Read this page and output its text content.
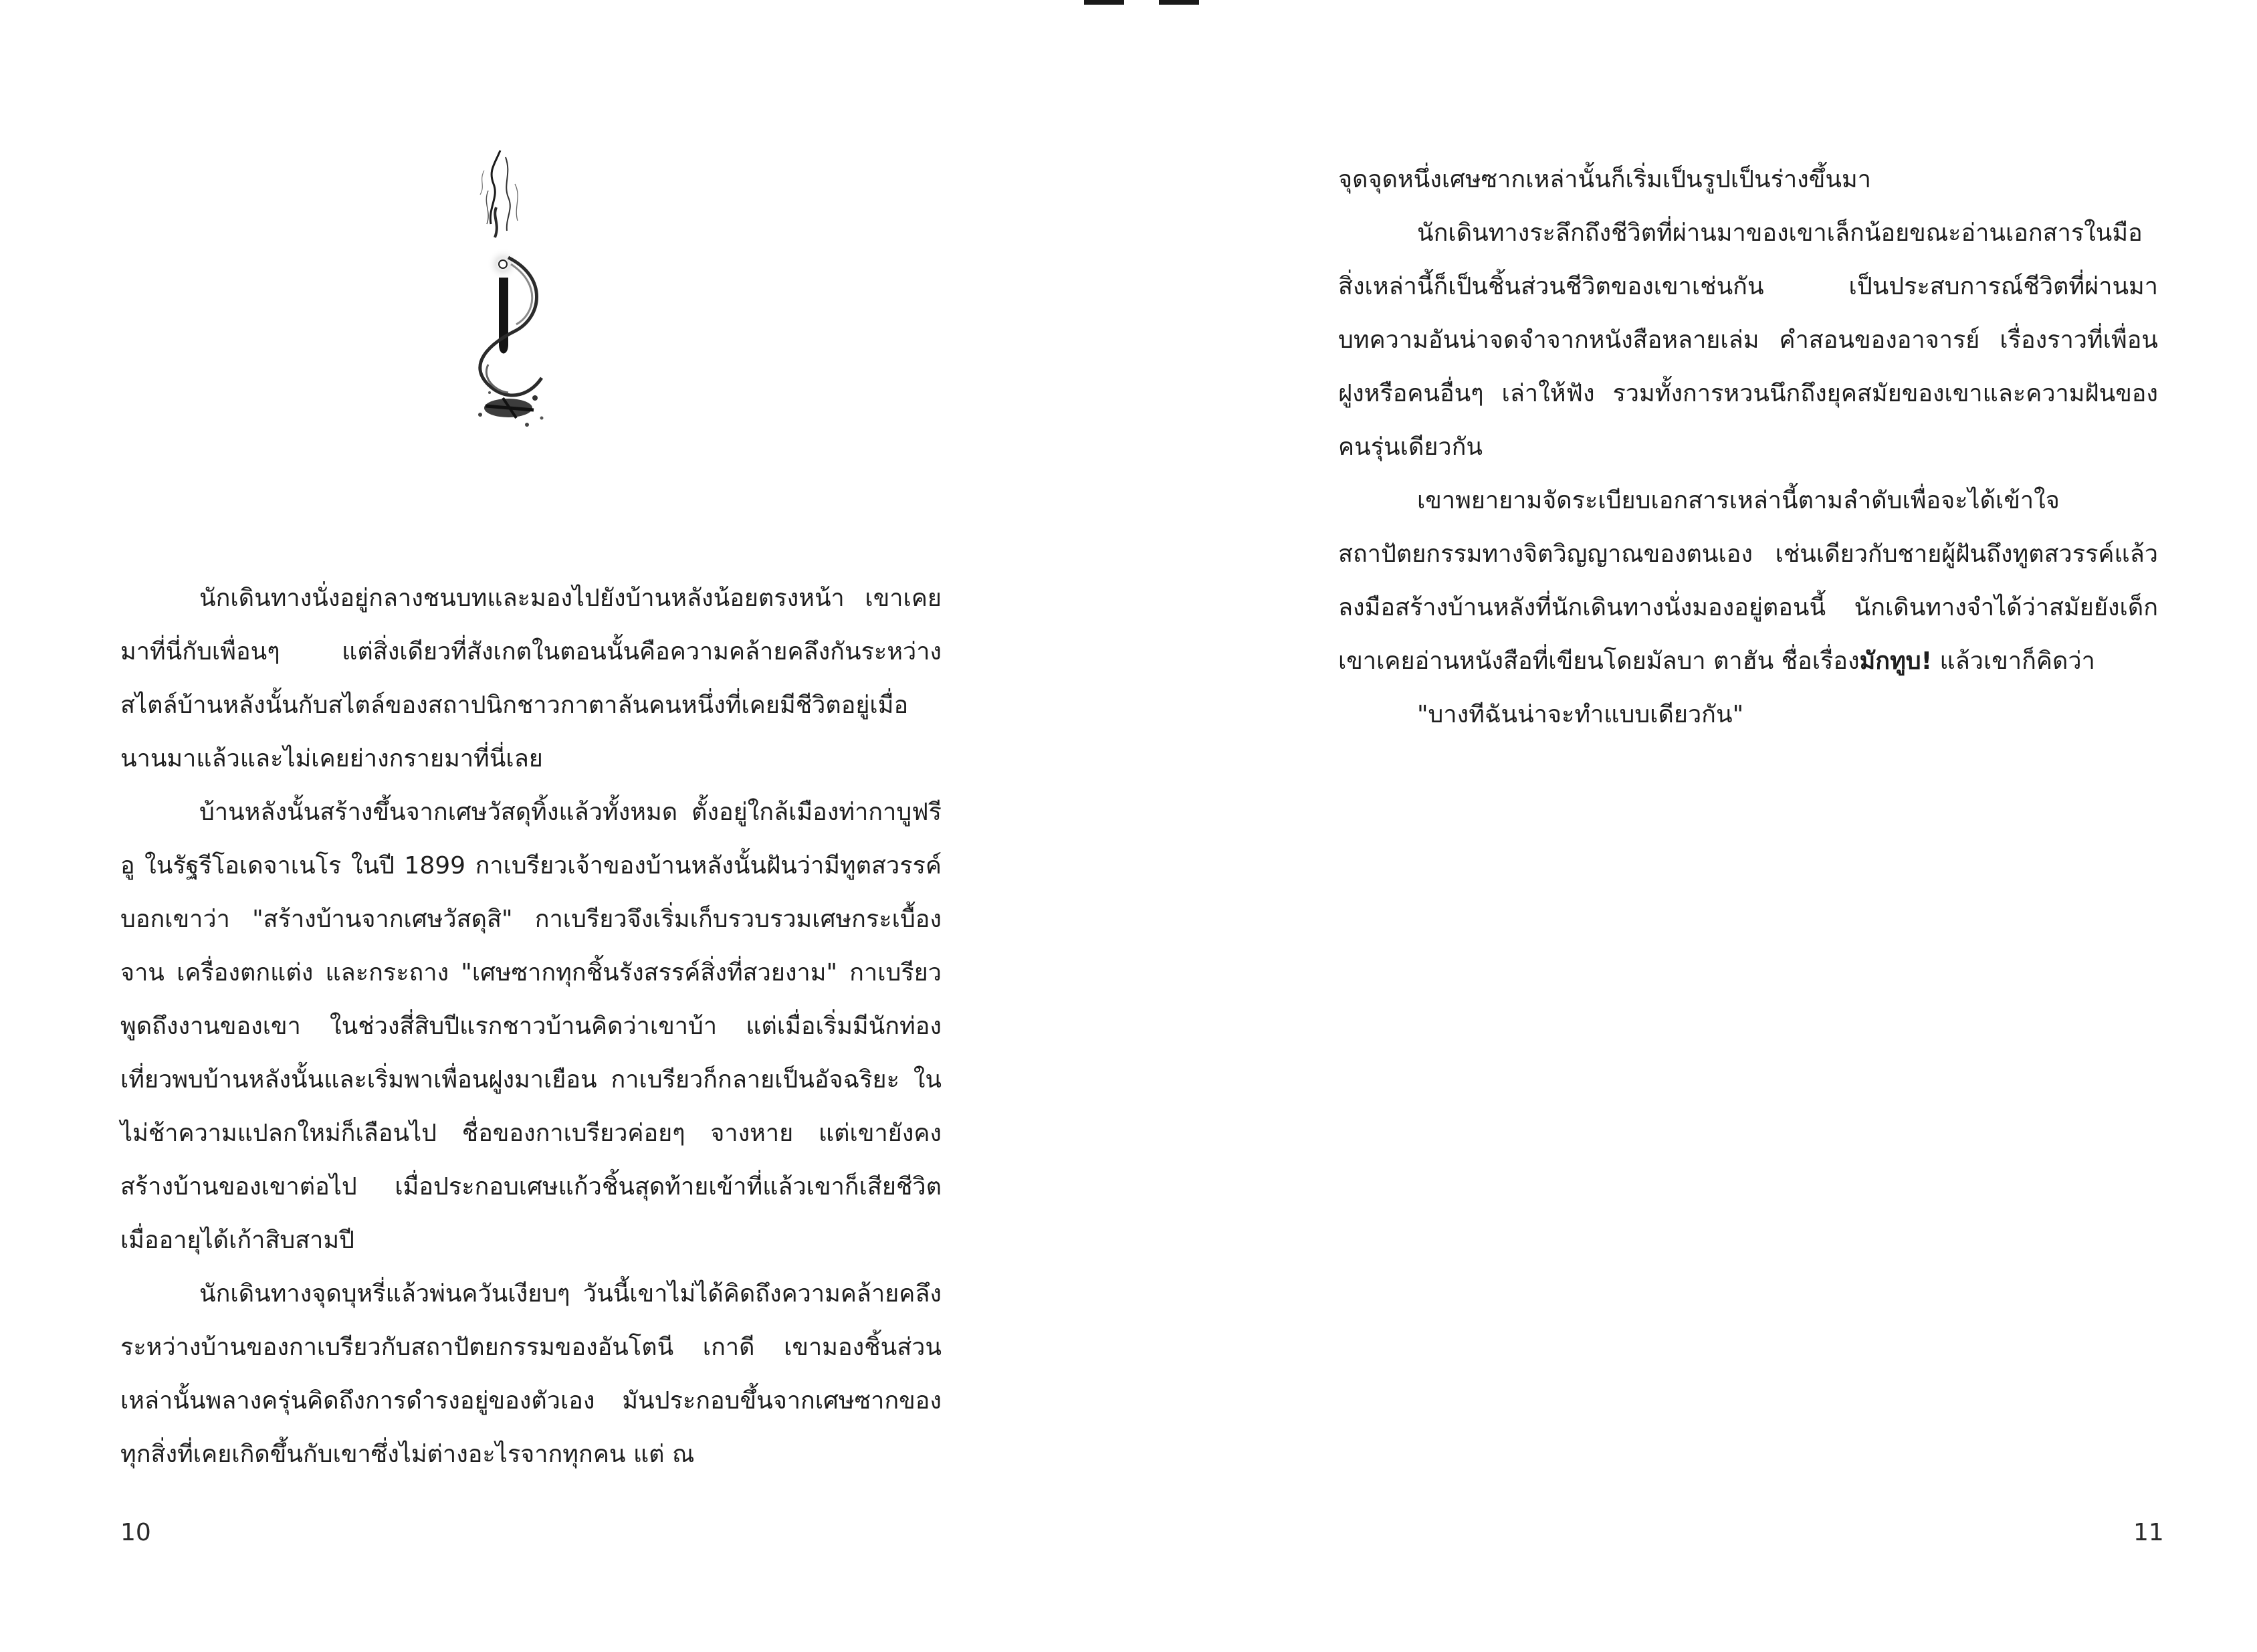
นักเดินทางนั่งอยู่กลางชนบทและมองไปยังบ้านหลังน้อยตรงหน้า เขาเคยมาที่นี่กับเพื่อนๆ แต่สิ่งเดียวที่สังเกตในตอนนั้นคือความคล้ายคลึงกันระหว่างสไตล์บ้านหลังนั้นกับสไตล์ของสถาปนิกชาวกาตาลันคนหนึ่งที่เคยมีชีวิตอยู่เมื่อนานมาแล้วและไม่เคยย่างกรายมาที่นี่เลย

บ้านหลังนั้นสร้างขึ้นจากเศษวัสดุทิ้งแล้วทั้งหมด ตั้งอยู่ใกล้เมืองท่ากาบูฟรีอู ในรัฐรีโอเดจาเนโร ในปี 1899 กาเบรียวเจ้าของบ้านหลังนั้นฝันว่ามีทูตสวรรค์บอกเขาว่า "สร้างบ้านจากเศษวัสดุสิ" กาเบรียวจึงเริ่มเก็บรวบรวมเศษกระเบื้อง จาน เครื่องตกแต่ง และกระถาง "เศษซากทุกชิ้นรังสรรค์สิ่งที่สวยงาม" กาเบรียวพูดถึงงานของเขา ในช่วงสี่สิบปีแรกชาวบ้านคิดว่าเขาบ้า แต่เมื่อเริ่มมีนักท่องเที่ยวพบบ้านหลังนั้นและเริ่มพาเพื่อนฝูงมาเยือน กาเบรียวก็กลายเป็นอัจฉริยะ ในไม่ช้าความแปลกใหม่ก็เลือนไป ชื่อของกาเบรียวค่อยๆ จางหาย แต่เขายังคงสร้างบ้านของเขาต่อไป เมื่อประกอบเศษแก้วชิ้นสุดท้ายเข้าที่แล้วเขาก็เสียชีวิตเมื่ออายุได้เก้าสิบสามปี

นักเดินทางจุดบุหรี่แล้วพ่นควันเงียบๆ วันนี้เขาไม่ได้คิดถึงความคล้ายคลึงระหว่างบ้านของกาเบรียวกับสถาปัตยกรรมของอันโตนี เกาดี เขามองชิ้นส่วนเหล่านั้นพลางครุ่นคิดถึงการดำรงอยู่ของตัวเอง มันประกอบขึ้นจากเศษซากของทุกสิ่งที่เคยเกิดขึ้นกับเขาซึ่งไม่ต่างอะไรจากทุกคน แต่ ณ

10

จุดจุดหนึ่งเศษซากเหล่านั้นก็เริ่มเป็นรูปเป็นร่างขึ้นมา

นักเดินทางระลึกถึงชีวิตที่ผ่านมาของเขาเล็กน้อยขณะอ่านเอกสารในมือ สิ่งเหล่านี้ก็เป็นชิ้นส่วนชีวิตของเขาเช่นกัน เป็นประสบการณ์ชีวิตที่ผ่านมา บทความอันน่าจดจำจากหนังสือหลายเล่ม คำสอนของอาจารย์ เรื่องราวที่เพื่อนฝูงหรือคนอื่นๆ เล่าให้ฟัง รวมทั้งการหวนนึกถึงยุคสมัยของเขาและความฝันของคนรุ่นเดียวกัน

เขาพยายามจัดระเบียบเอกสารเหล่านี้ตามลำดับเพื่อจะได้เข้าใจสถาปัตยกรรมทางจิตวิญญาณของตนเอง เช่นเดียวกับชายผู้ฝันถึงทูตสวรรค์แล้วลงมือสร้างบ้านหลังที่นักเดินทางนั่งมองอยู่ตอนนี้ นักเดินทางจำได้ว่าสมัยยังเด็กเขาเคยอ่านหนังสือที่เขียนโดยมัลบา ตาฮัน ชื่อเรื่องมักทูบ! แล้วเขาก็คิดว่า

"บางทีฉันน่าจะทำแบบเดียวกัน"

11
